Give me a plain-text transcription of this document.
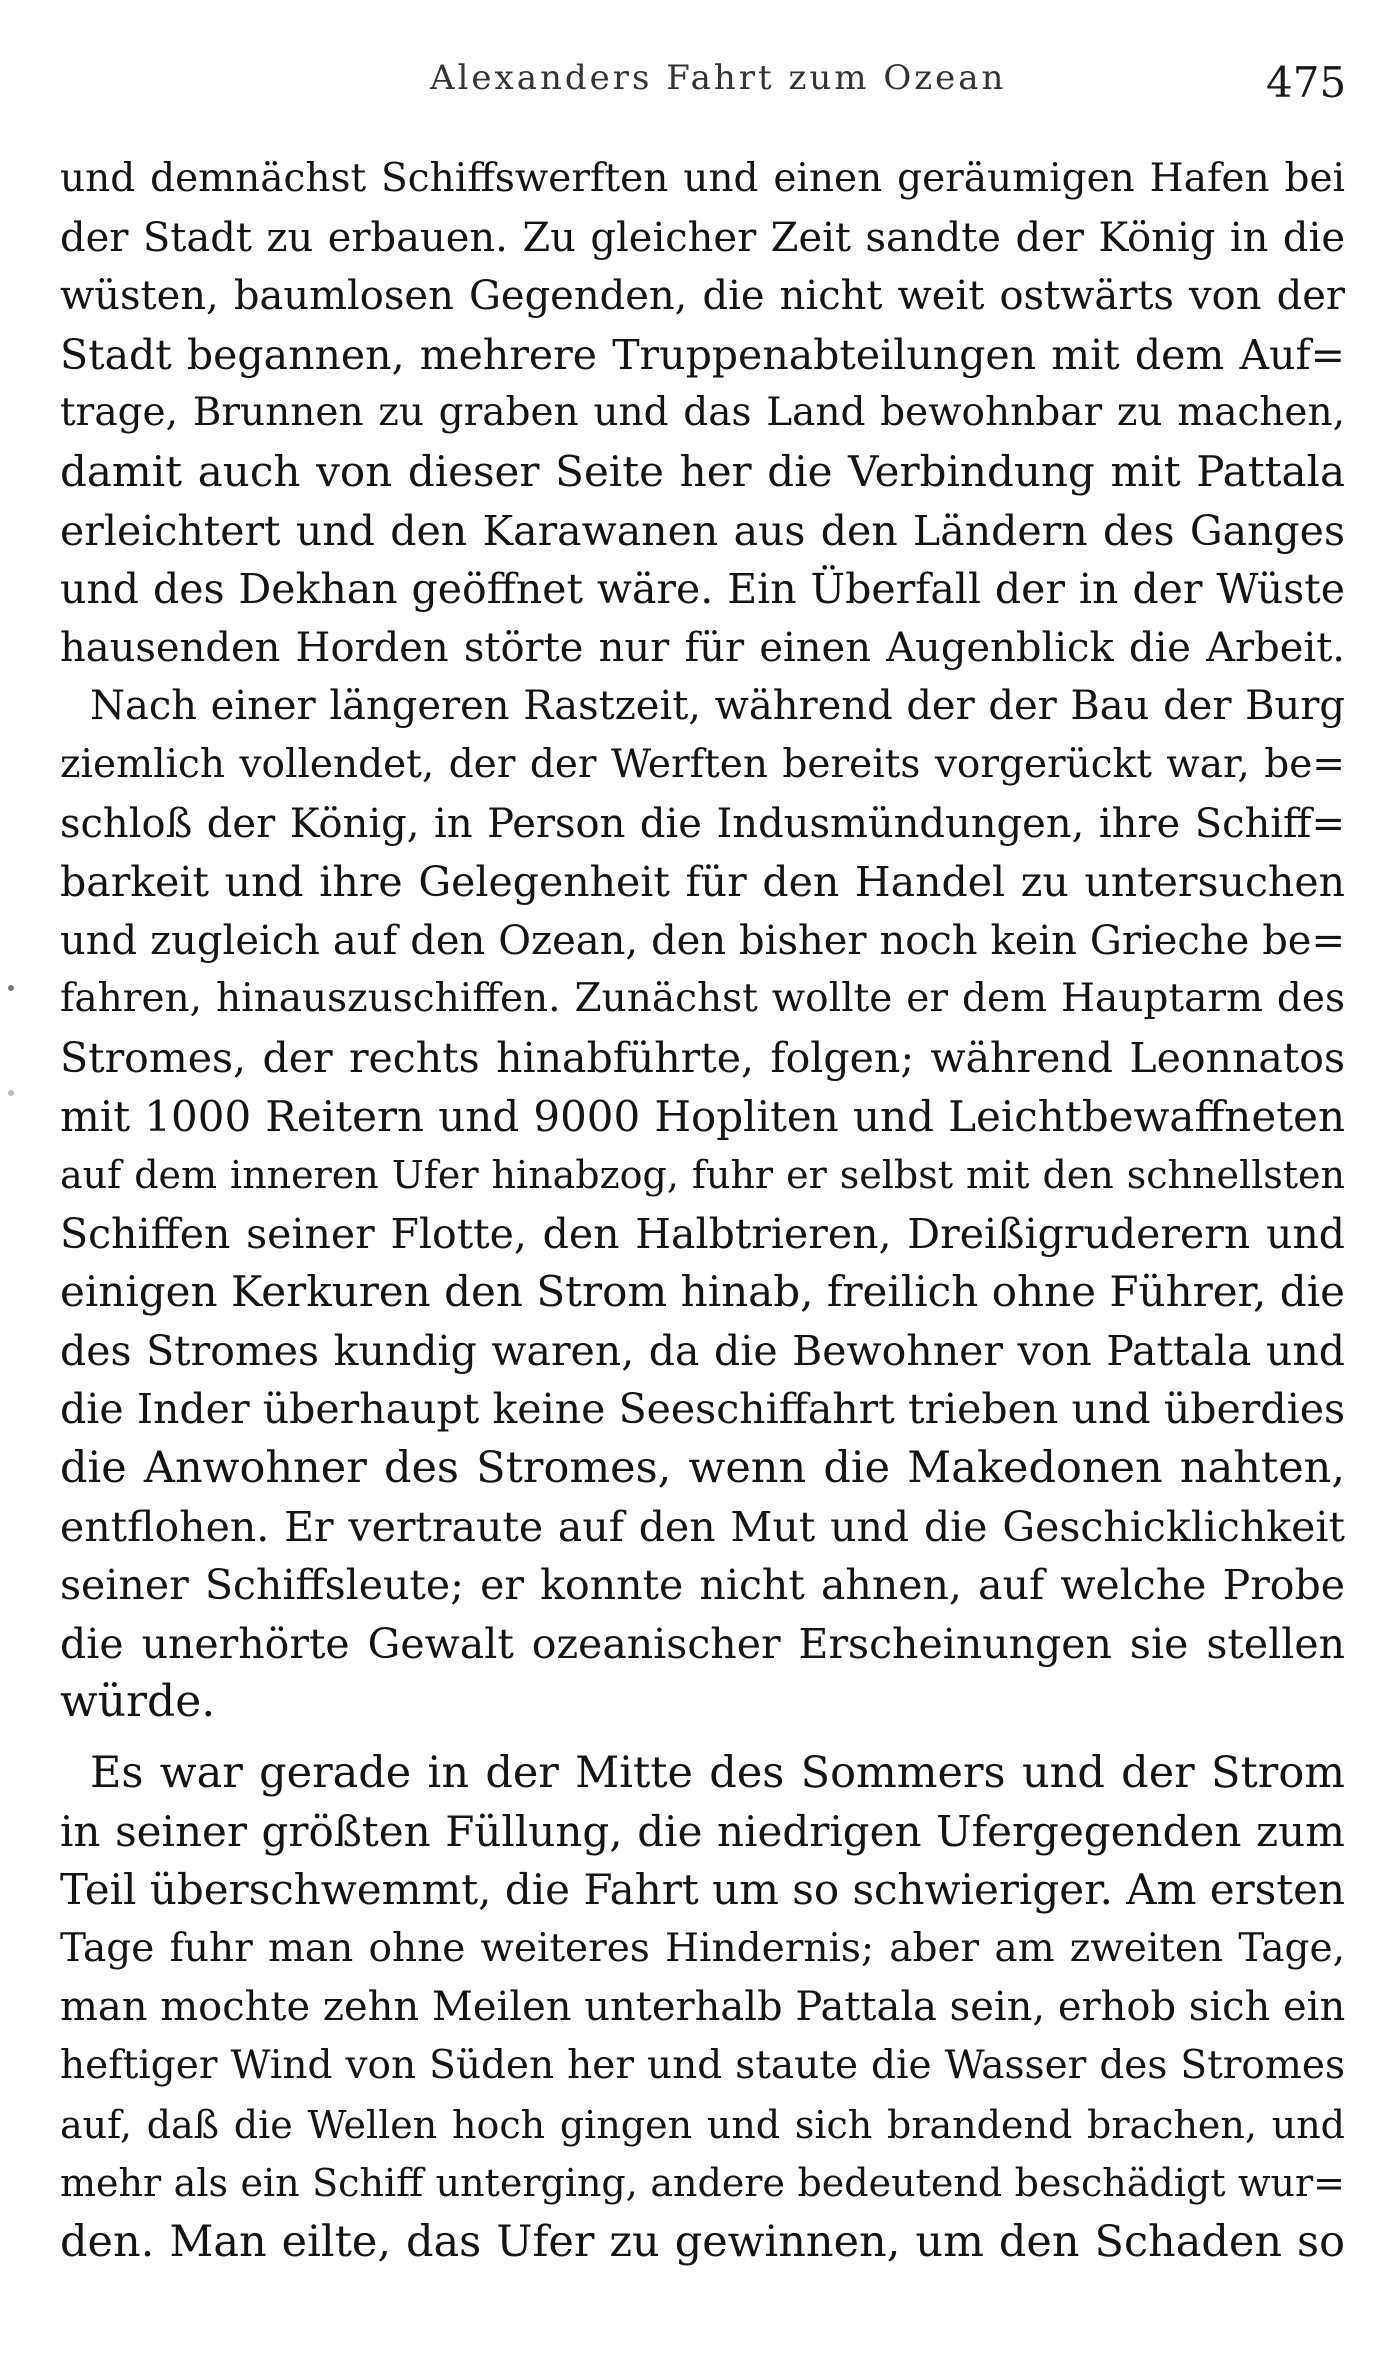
Alexanders Fahrt zum Ozean	475
und demnächst Schiffswerften und einen geräumigen Hafen bei
der Stadt zu erbauen. Zu gleicher Zeit sandte der König in die
wüsten, baumlosen Gegenden, die nicht weit ostwärts von der
Stadt begannen, mehrere Truppenabteilungen mit dem Auf=
trage, Brunnen zu graben und das Land bewohnbar zu machen,
damit auch von dieser Seite her die Verbindung mit Pattala
erleichtert und den Karawanen aus den Ländern des Ganges
und des Dekhan geöffnet wäre. Ein Überfall der in der Wüste
hausenden Horden störte nur für einen Augenblick die Arbeit.
Nach einer längeren Rastzeit, während der der Bau der Burg
ziemlich vollendet, der der Werften bereits vorgerückt war, be=
schloß der König, in Person die Indusmündungen, ihre Schiff=
barkeit und ihre Gelegenheit für den Handel zu untersuchen
und zugleich auf den Ozean, den bisher noch kein Grieche be=
fahren, hinauszuschiffen. Zunächst wollte er dem Hauptarm des
Stromes, der rechts hinabführte, folgen; während Leonnatos
mit 1000 Reitern und 9000 Hopliten und Leichtbewaffneten
auf dem inneren Ufer hinabzog, fuhr er selbst mit den schnellsten
Schiffen seiner Flotte, den Halbtrieren, Dreißigruderern und
einigen Kerkuren den Strom hinab, freilich ohne Führer, die
des Stromes kundig waren, da die Bewohner von Pattala und
die Inder überhaupt keine Seeschiffahrt trieben und überdies
die Anwohner des Stromes, wenn die Makedonen nahten,
entflohen. Er vertraute auf den Mut und die Geschicklichkeit
seiner Schiffsleute; er konnte nicht ahnen, auf welche Probe
die unerhörte Gewalt ozeanischer Erscheinungen sie stellen
würde.
Es war gerade in der Mitte des Sommers und der Strom
in seiner größten Füllung, die niedrigen Ufergegenden zum
Teil überschwemmt, die Fahrt um so schwieriger. Am ersten
Tage fuhr man ohne weiteres Hindernis; aber am zweiten Tage,
man mochte zehn Meilen unterhalb Pattala sein, erhob sich ein
heftiger Wind von Süden her und staute die Wasser des Stromes
auf, daß die Wellen hoch gingen und sich brandend brachen, und
mehr als ein Schiff unterging, andere bedeutend beschädigt wur=
den. Man eilte, das Ufer zu gewinnen, um den Schaden so
